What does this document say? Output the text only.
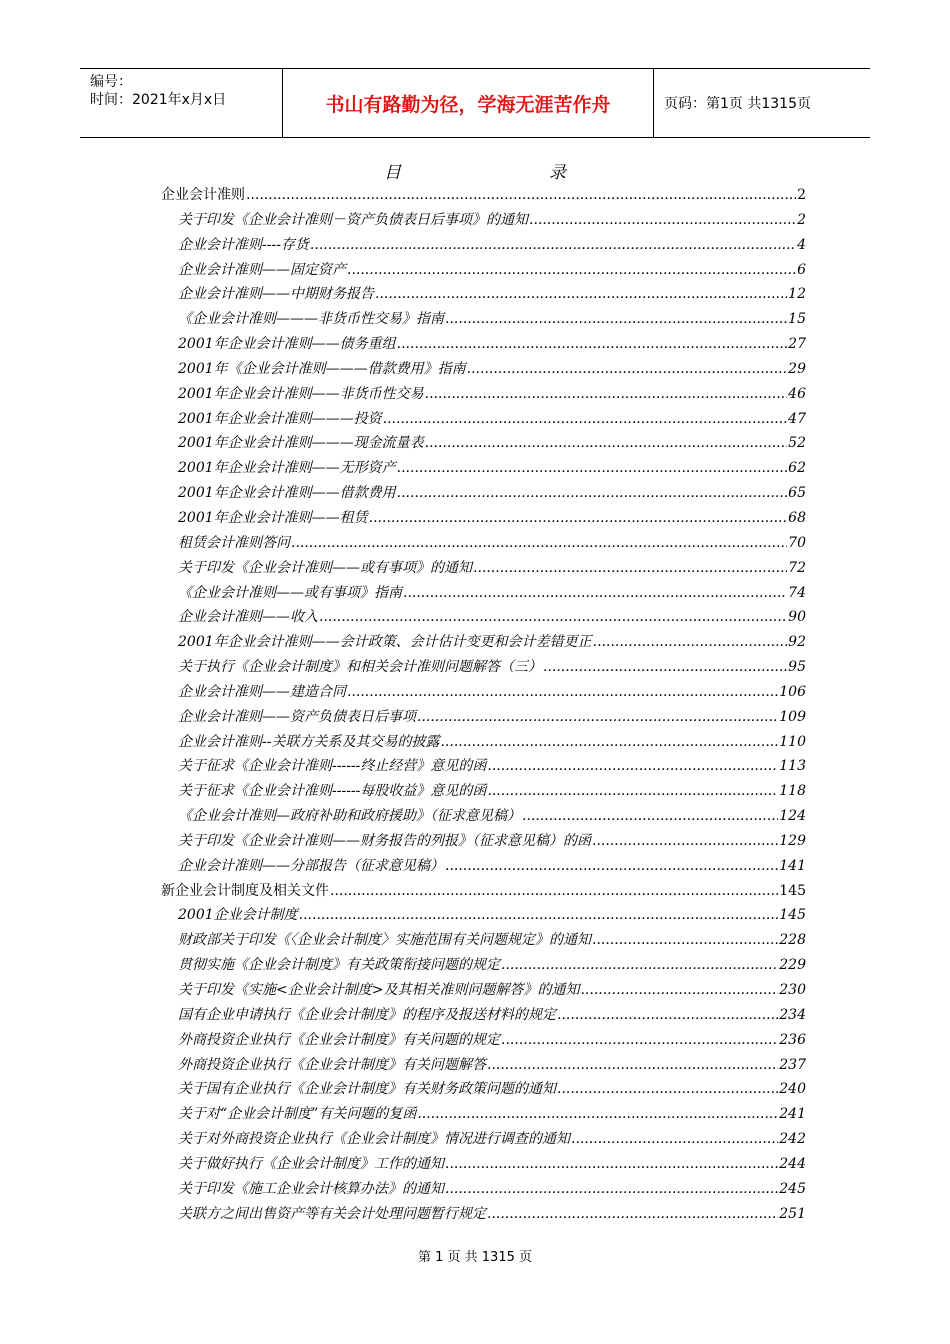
编号：
时间：2021年x月x日	书山有路勤为径，学海无涯苦作舟	页码：第1页 共1315页
目	录
企业会计准则 .....	2
关于印发《企业会计准则－资产负债表日后事项》的通知 .....	2
企业会计准则----存货 .....	4
企业会计准则——固定资产 .....	6
企业会计准则——中期财务报告 .....	12
《企业会计准则———非货币性交易》指南 .....	15
2001年企业会计准则——债务重组 .....	27
2001年《企业会计准则———借款费用》指南 .....	29
2001年企业会计准则——非货币性交易 .....	46
2001年企业会计准则———投资 .....	47
2001年企业会计准则———现金流量表 .....	52
2001年企业会计准则——无形资产 .....	62
2001年企业会计准则——借款费用 .....	65
2001年企业会计准则——租赁 .....	68
租赁会计准则答问 .....	70
关于印发《企业会计准则——或有事项》的通知 .....	72
《企业会计准则——或有事项》指南 .....	74
企业会计准则——收入 .....	90
2001年企业会计准则——会计政策、会计估计变更和会计差错更正 .....	92
关于执行《企业会计制度》和相关会计准则问题解答（三） .....	95
企业会计准则——建造合同 .....	106
企业会计准则——资产负债表日后事项 .....	109
企业会计准则--关联方关系及其交易的披露 .....	110
关于征求《企业会计准则------终止经营》意见的函 .....	113
关于征求《企业会计准则------每股收益》意见的函 .....	118
《企业会计准则—政府补助和政府援助》（征求意见稿） .....	124
关于印发《企业会计准则——财务报告的列报》（征求意见稿）的函 .....	129
企业会计准则——分部报告（征求意见稿） .....	141
新企业会计制度及相关文件 .....	145
2001企业会计制度 .....	145
财政部关于印发《〈企业会计制度〉实施范围有关问题规定》的通知 .....	228
贯彻实施《企业会计制度》有关政策衔接问题的规定 .....	229
关于印发《实施<企业会计制度>及其相关准则问题解答》的通知 .....	230
国有企业申请执行《企业会计制度》的程序及报送材料的规定 .....	234
外商投资企业执行《企业会计制度》有关问题的规定 .....	236
外商投资企业执行《企业会计制度》有关问题解答 .....	237
关于国有企业执行《企业会计制度》有关财务政策问题的通知 .....	240
关于对“企业会计制度”有关问题的复函 .....	241
关于对外商投资企业执行《企业会计制度》情况进行调查的通知 .....	242
关于做好执行《企业会计制度》工作的通知 .....	244
关于印发《施工企业会计核算办法》的通知 .....	245
关联方之间出售资产等有关会计处理问题暂行规定 .....	251
第 1 页 共 1315 页
